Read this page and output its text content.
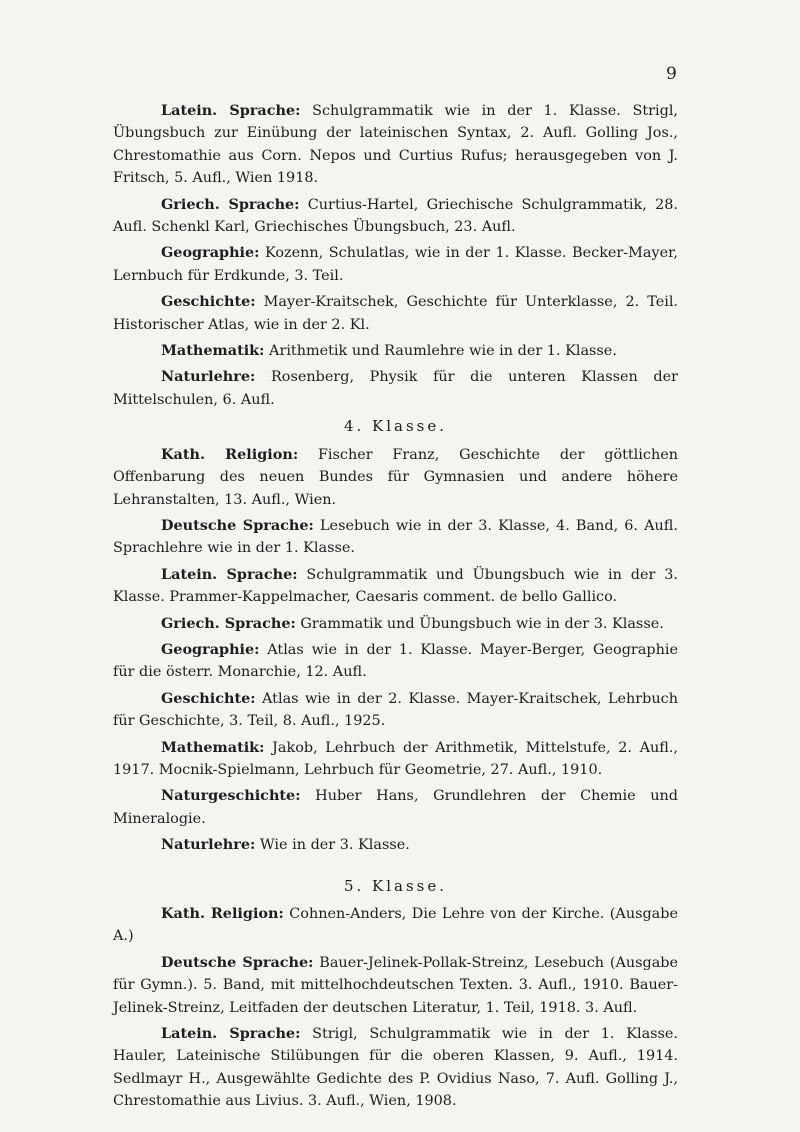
9

Latein. Sprache: Schulgrammatik wie in der 1. Klasse. Strigl, Übungsbuch zur Einübung der lateinischen Syntax, 2. Aufl. Golling Jos., Chrestomathie aus Corn. Nepos und Curtius Rufus; herausgegeben von J. Fritsch, 5. Aufl., Wien 1918.

Griech. Sprache: Curtius-Hartel, Griechische Schulgrammatik, 28. Aufl. Schenkl Karl, Griechisches Übungsbuch, 23. Aufl.

Geographie: Kozenn, Schulatlas, wie in der 1. Klasse. Becker-Mayer, Lernbuch für Erdkunde, 3. Teil.

Geschichte: Mayer-Kraitschek, Geschichte für Unterklasse, 2. Teil. Historischer Atlas, wie in der 2. Kl.

Mathematik: Arithmetik und Raumlehre wie in der 1. Klasse.

Naturlehre: Rosenberg, Physik für die unteren Klassen der Mittelschulen, 6. Aufl.

4. Klasse.

Kath. Religion: Fischer Franz, Geschichte der göttlichen Offenbarung des neuen Bundes für Gymnasien und andere höhere Lehranstalten, 13. Aufl., Wien.

Deutsche Sprache: Lesebuch wie in der 3. Klasse, 4. Band, 6. Aufl. Sprachlehre wie in der 1. Klasse.

Latein. Sprache: Schulgrammatik und Übungsbuch wie in der 3. Klasse. Prammer-Kappelmacher, Caesaris comment. de bello Gallico.

Griech. Sprache: Grammatik und Übungsbuch wie in der 3. Klasse.

Geographie: Atlas wie in der 1. Klasse. Mayer-Berger, Geographie für die österr. Monarchie, 12. Aufl.

Geschichte: Atlas wie in der 2. Klasse. Mayer-Kraitschek, Lehrbuch für Geschichte, 3. Teil, 8. Aufl., 1925.

Mathematik: Jakob, Lehrbuch der Arithmetik, Mittelstufe, 2. Aufl., 1917. Mocnik-Spielmann, Lehrbuch für Geometrie, 27. Aufl., 1910.

Naturgeschichte: Huber Hans, Grundlehren der Chemie und Mineralogie.

Naturlehre: Wie in der 3. Klasse.

5. Klasse.

Kath. Religion: Cohnen-Anders, Die Lehre von der Kirche. (Ausgabe A.)

Deutsche Sprache: Bauer-Jelinek-Pollak-Streinz, Lesebuch (Ausgabe für Gymn.). 5. Band, mit mittelhochdeutschen Texten. 3. Aufl., 1910. Bauer-Jelinek-Streinz, Leitfaden der deutschen Literatur, 1. Teil, 1918. 3. Aufl.

Latein. Sprache: Strigl, Schulgrammatik wie in der 1. Klasse. Hauler, Lateinische Stilübungen für die oberen Klassen, 9. Aufl., 1914. Sedlmayr H., Ausgewählte Gedichte des P. Ovidius Naso, 7. Aufl. Golling J., Chrestomathie aus Livius. 3. Aufl., Wien, 1908.
